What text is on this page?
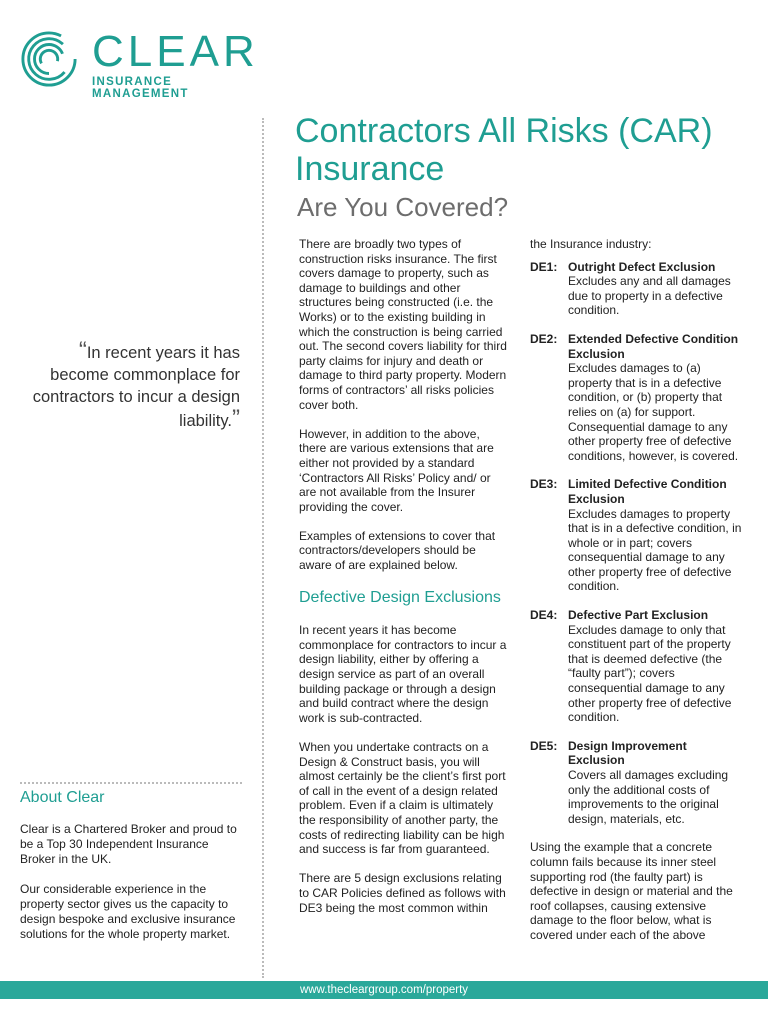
CLEAR
INSURANCE MANAGEMENT
Contractors All Risks (CAR) Insurance
Are You Covered?
“In recent years it has become commonplace for contractors to incur a design liability.”
About Clear

Clear is a Chartered Broker and proud to be a Top 30 Independent Insurance Broker in the UK.

Our considerable experience in the property sector gives us the capacity to design bespoke and exclusive insurance solutions for the whole property market.

There are broadly two types of construction risks insurance. The first covers damage to property, such as damage to buildings and other structures being constructed (i.e. the Works) or to the existing building in which the construction is being carried out. The second covers liability for third party claims for injury and death or damage to third party property. Modern forms of contractors’ all risks policies cover both.

However, in addition to the above, there are various extensions that are either not provided by a standard ‘Contractors All Risks’ Policy and/ or are not available from the Insurer providing the cover.

Examples of extensions to cover that contractors/developers should be aware of are explained below.

Defective Design Exclusions

In recent years it has become commonplace for contractors to incur a design liability, either by offering a design service as part of an overall building package or through a design and build contract where the design work is sub-contracted.

When you undertake contracts on a Design & Construct basis, you will almost certainly be the client’s first port of call in the event of a design related problem. Even if a claim is ultimately the responsibility of another party, the costs of redirecting liability can be high and success is far from guaranteed.

There are 5 design exclusions relating to CAR Policies defined as follows with DE3 being the most common within

the Insurance industry:

DE1: Outright Defect Exclusion
Excludes any and all damages due to property in a defective condition.
DE2: Extended Defective Condition Exclusion
Excludes damages to (a) property that is in a defective condition, or (b) property that relies on (a) for support. Consequential damage to any other property free of defective conditions, however, is covered.
DE3: Limited Defective Condition Exclusion
Excludes damages to property that is in a defective condition, in whole or in part; covers consequential damage to any other property free of defective condition.
DE4: Defective Part Exclusion
Excludes damage to only that constituent part of the property that is deemed defective (the “faulty part”); covers consequential damage to any other property free of defective condition.
DE5: Design Improvement Exclusion
Covers all damages excluding only the additional costs of improvements to the original design, materials, etc.

Using the example that a concrete column fails because its inner steel supporting rod (the faulty part) is defective in design or material and the roof collapses, causing extensive damage to the floor below, what is covered under each of the above

www.thecleargroup.com/property
